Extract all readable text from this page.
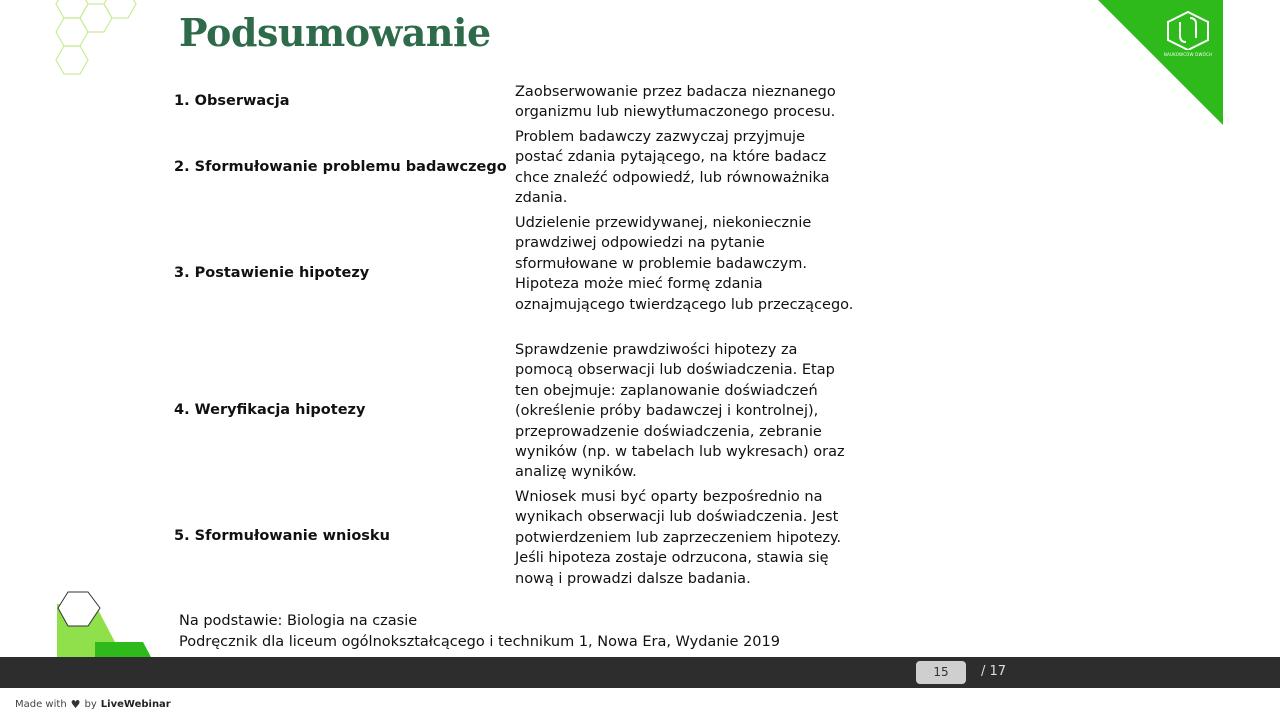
NAUKOWCÓW DWÓCH
Podsumowanie
1. Obserwacja
Zaobserwowanie przez badacza nieznanego organizmu lub niewytłumaczonego procesu.
2. Sformułowanie problemu badawczego
Problem badawczy zazwyczaj przyjmuje postać zdania pytającego, na które badacz chce znaleźć odpowiedź, lub równoważnika zdania.
3. Postawienie hipotezy
Udzielenie przewidywanej, niekoniecznie prawdziwej odpowiedzi na pytanie sformułowane w problemie badawczym. Hipoteza może mieć formę zdania oznajmującego twierdzącego lub przeczącego.
4. Weryfikacja hipotezy
Sprawdzenie prawdziwości hipotezy za pomocą obserwacji lub doświadczenia. Etap ten obejmuje: zaplanowanie doświadczeń (określenie próby badawczej i kontrolnej), przeprowadzenie doświadczenia, zebranie wyników (np. w tabelach lub wykresach) oraz analizę wyników.
5. Sformułowanie wniosku
Wniosek musi być oparty bezpośrednio na wynikach obserwacji lub doświadczenia. Jest potwierdzeniem lub zaprzeczeniem hipotezy. Jeśli hipoteza zostaje odrzucona, stawia się nową i prowadzi dalsze badania.
Na podstawie: Biologia na czasie
Podręcznik dla liceum ogólnokształcącego i technikum 1, Nowa Era, Wydanie 2019
15	/ 17
Made with ♥ by LiveWebinar
